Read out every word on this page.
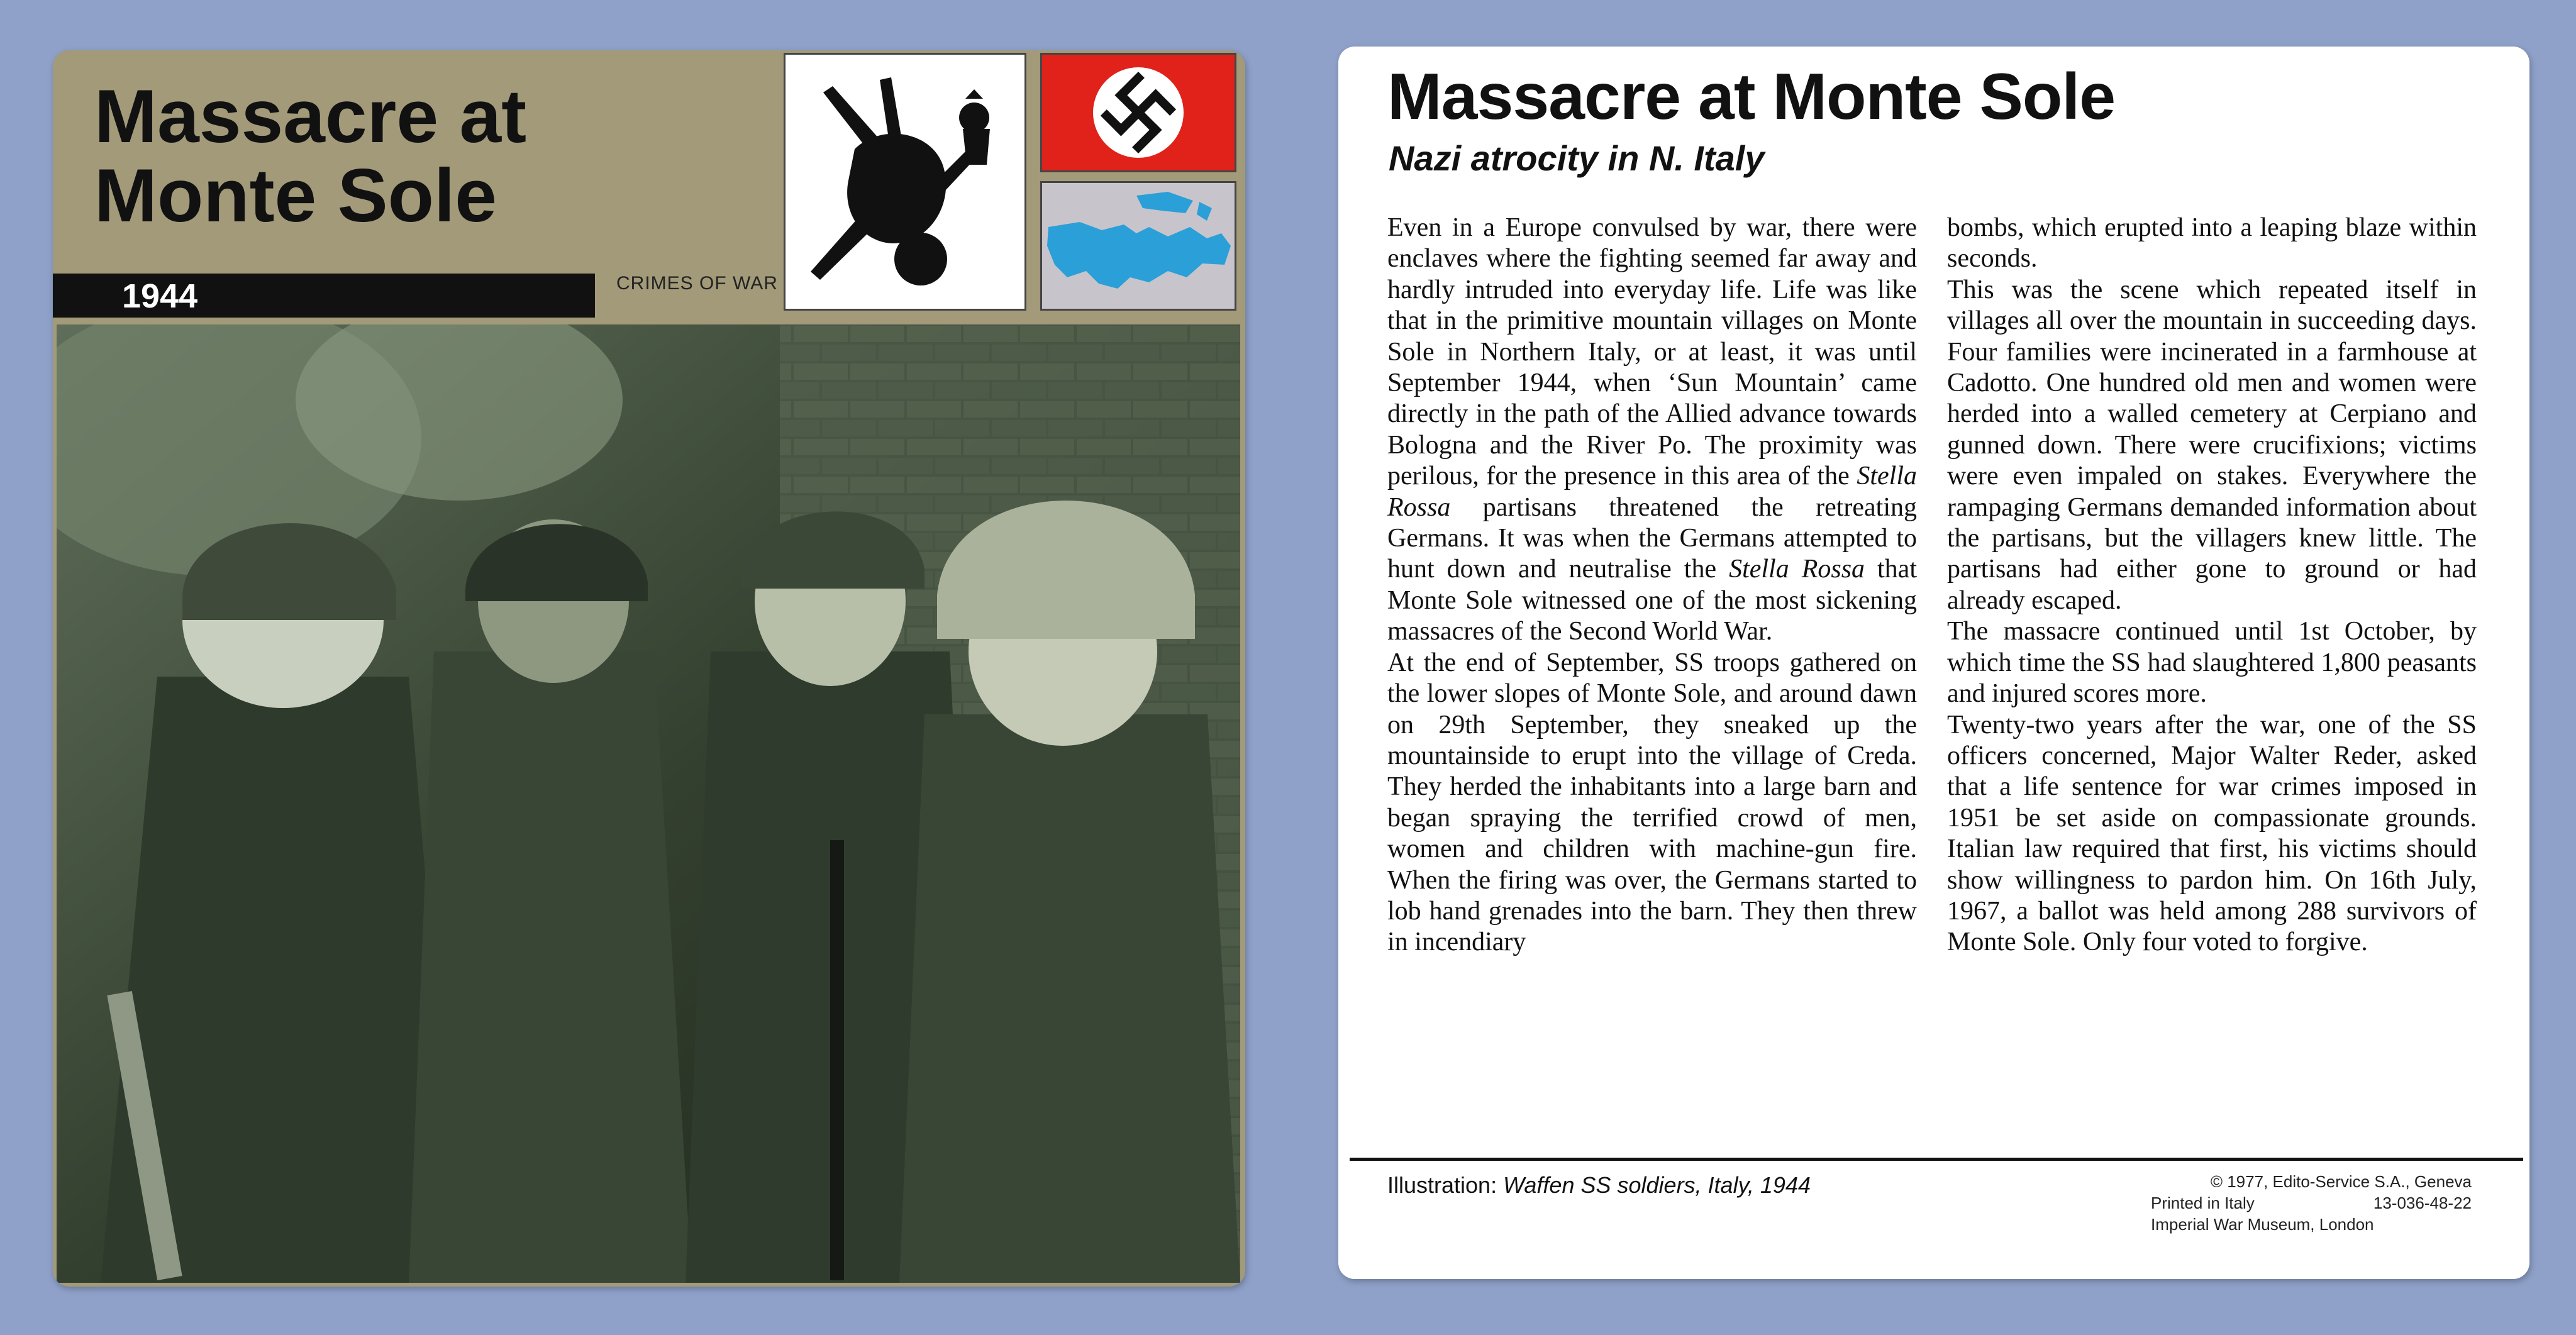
Massacre at
Monte Sole
1944	CRIMES OF WAR
Massacre at Monte Sole
Nazi atrocity in N. Italy

Even in a Europe convulsed by war, there were enclaves where the fighting seemed far away and hardly intruded into everyday life. Life was like that in the primitive mountain villages on Monte Sole in Northern Italy, or at least, it was until September 1944, when ‘Sun Mountain’ came directly in the path of the Allied advance towards Bologna and the River Po. The proximity was perilous, for the presence in this area of the Stella Rossa partisans threatened the retreating Germans. It was when the Germans attempted to hunt down and neutralise the Stella Rossa that Monte Sole witnessed one of the most sickening massacres of the Second World War.

At the end of September, SS troops gathered on the lower slopes of Monte Sole, and around dawn on 29th September, they sneaked up the mountainside to erupt into the village of Creda. They herded the inhabitants into a large barn and began spraying the terrified crowd of men, women and children with machine-gun fire. When the firing was over, the Germans started to lob hand grenades into the barn. They then threw in incendiary

bombs, which erupted into a leaping blaze within seconds.

This was the scene which repeated itself in villages all over the mountain in succeeding days. Four families were incinerated in a farmhouse at Cadotto. One hundred old men and women were herded into a walled cemetery at Cerpiano and gunned down. There were crucifixions; victims were even impaled on stakes. Everywhere the rampaging Germans demanded information about the partisans, but the villagers knew little. The partisans had either gone to ground or had already escaped.

The massacre continued until 1st October, by which time the SS had slaughtered 1,800 peasants and injured scores more.

Twenty-two years after the war, one of the SS officers concerned, Major Walter Reder, asked that a life sentence for war crimes imposed in 1951 be set aside on compassionate grounds. Italian law required that first, his victims should show willingness to pardon him. On 16th July, 1967, a ballot was held among 288 survivors of Monte Sole. Only four voted to forgive.

Illustration: Waffen SS soldiers, Italy, 1944	© 1977, Edito-Service S.A., Geneva
Printed in Italy	13-036-48-22
Imperial War Museum, London
